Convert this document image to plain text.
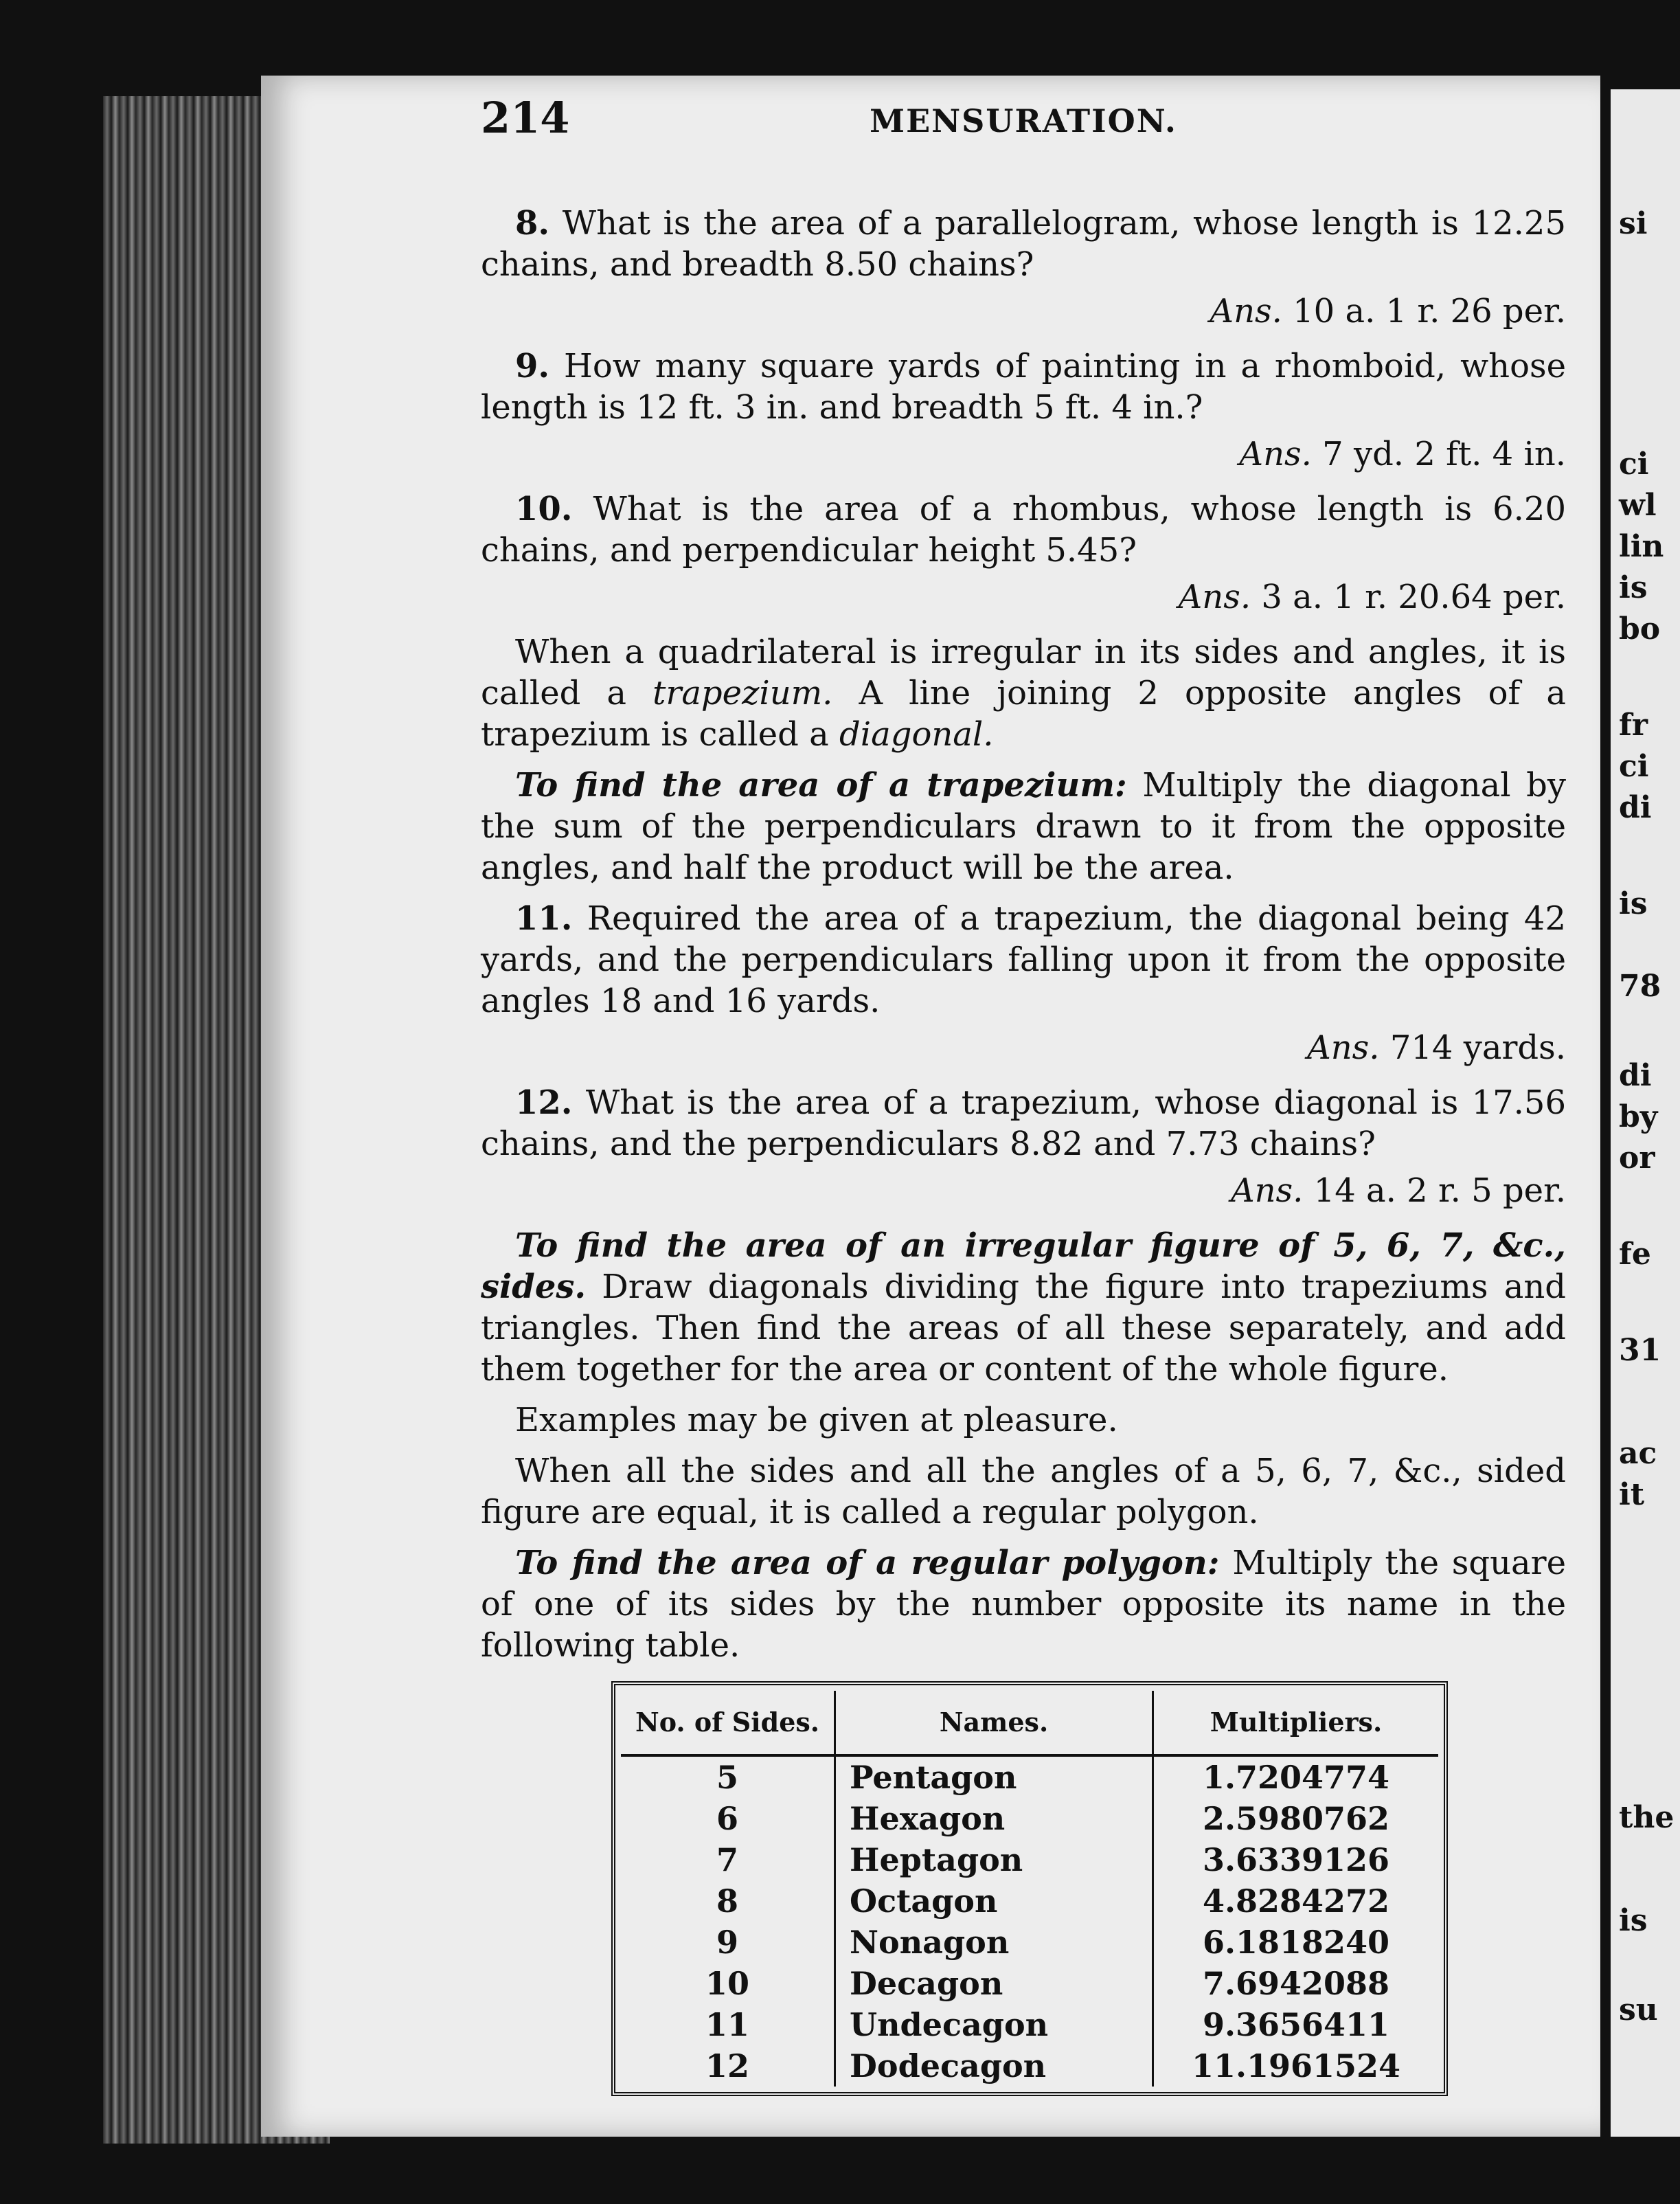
si
ci
wl
lin
is
bo
fr
ci
di
is
78
di
by
or
fe
31
ac
it
the
is
su
214	MENSURATION.

8. What is the area of a parallelogram, whose length is 12.25 chains, and breadth 8.50 chains?

Ans. 10 a. 1 r. 26 per.

9. How many square yards of painting in a rhomboid, whose length is 12 ft. 3 in. and breadth 5 ft. 4 in.?

Ans. 7 yd. 2 ft. 4 in.

10. What is the area of a rhombus, whose length is 6.20 chains, and perpendicular height 5.45?

Ans. 3 a. 1 r. 20.64 per.

When a quadrilateral is irregular in its sides and angles, it is called a trapezium. A line joining 2 opposite angles of a trapezium is called a diagonal.

To find the area of a trapezium: Multiply the diagonal by the sum of the perpendiculars drawn to it from the opposite angles, and half the product will be the area.

11. Required the area of a trapezium, the diagonal being 42 yards, and the perpendiculars falling upon it from the opposite angles 18 and 16 yards.

Ans. 714 yards.

12. What is the area of a trapezium, whose diagonal is 17.56 chains, and the perpendiculars 8.82 and 7.73 chains?

Ans. 14 a. 2 r. 5 per.

To find the area of an irregular figure of 5, 6, 7, &c., sides. Draw diagonals dividing the figure into trapeziums and triangles. Then find the areas of all these separately, and add them together for the area or content of the whole figure.

Examples may be given at pleasure.

When all the sides and all the angles of a 5, 6, 7, &c., sided figure are equal, it is called a regular polygon.

To find the area of a regular polygon: Multiply the square of one of its sides by the number opposite its name in the following table.

No. of Sides.	Names.	Multipliers.
5	Pentagon	1.7204774
6	Hexagon	2.5980762
7	Heptagon	3.6339126
8	Octagon	4.8284272
9	Nonagon	6.1818240
10	Decagon	7.6942088
11	Undecagon	9.3656411
12	Dodecagon	11.1961524
